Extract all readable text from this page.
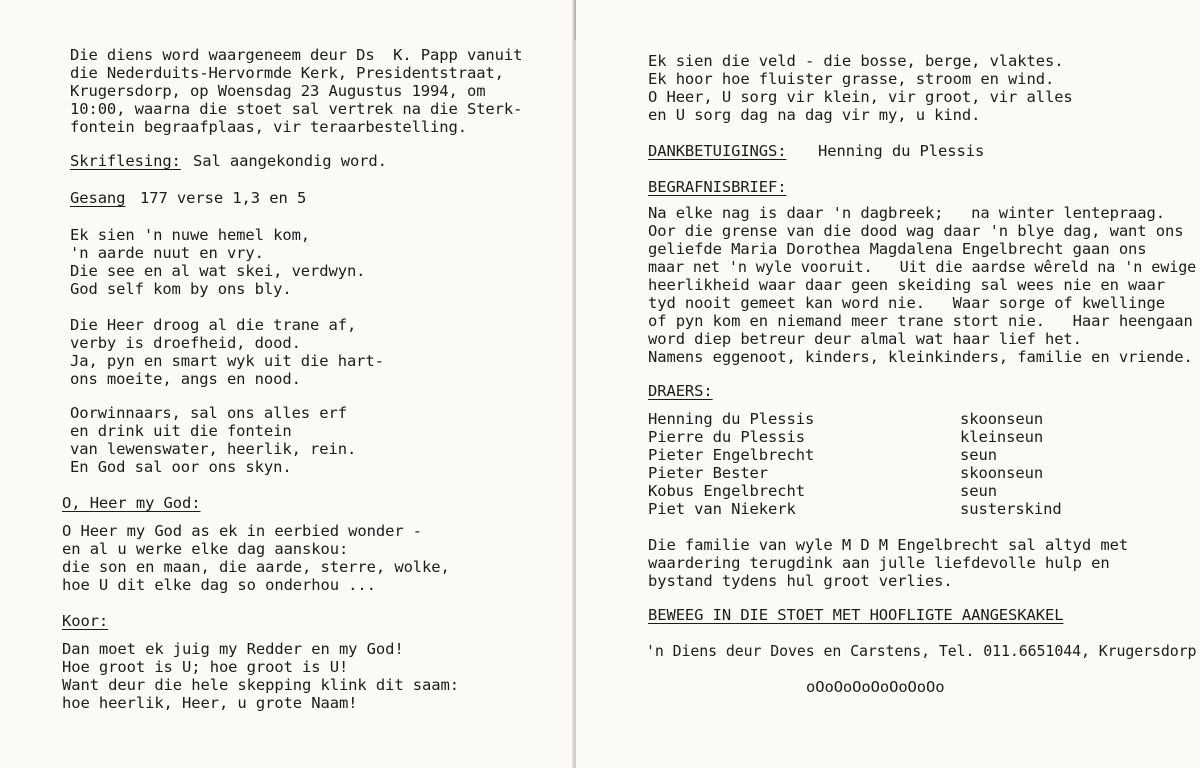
Die diens word waargeneem deur Ds  K. Papp vanuit

die Nederduits-Hervormde Kerk, Presidentstraat,

Krugersdorp, op Woensdag 23 Augustus 1994, om

10:00, waarna die stoet sal vertrek na die Sterk-

fontein begraafplaas, vir teraarbestelling.

Skriflesing: Sal aangekondig word.

Gesang 177 verse 1,3 en 5

Ek sien 'n nuwe hemel kom,

'n aarde nuut en vry.

Die see en al wat skei, verdwyn.

God self kom by ons bly.

Die Heer droog al die trane af,

verby is droefheid, dood.

Ja, pyn en smart wyk uit die hart-

ons moeite, angs en nood.

Oorwinnaars, sal ons alles erf

en drink uit die fontein

van lewenswater, heerlik, rein.

En God sal oor ons skyn.

O, Heer my God:

O Heer my God as ek in eerbied wonder -

en al u werke elke dag aanskou:

die son en maan, die aarde, sterre, wolke,

hoe U dit elke dag so onderhou ...

Koor:

Dan moet ek juig my Redder en my God!

Hoe groot is U; hoe groot is U!

Want deur die hele skepping klink dit saam:

hoe heerlik, Heer, u grote Naam!

Ek sien die veld - die bosse, berge, vlaktes.

Ek hoor hoe fluister grasse, stroom en wind.

O Heer, U sorg vir klein, vir groot, vir alles

en U sorg dag na dag vir my, u kind.

DANKBETUIGINGS: Henning du Plessis

BEGRAFNISBRIEF:

Na elke nag is daar 'n dagbreek;   na winter lentepraag.

Oor die grense van die dood wag daar 'n blye dag, want ons

geliefde Maria Dorothea Magdalena Engelbrecht gaan ons

maar net 'n wyle vooruit.   Uit die aardse wêreld na 'n ewige

heerlikheid waar daar geen skeiding sal wees nie en waar

tyd nooit gemeet kan word nie.   Waar sorge of kwellinge

of pyn kom en niemand meer trane stort nie.   Haar heengaan

word diep betreur deur almal wat haar lief het.

Namens eggenoot, kinders, kleinkinders, familie en vriende.

DRAERS:

Henning du Plessis	skoonseun

Pierre du Plessis	kleinseun

Pieter Engelbrecht	seun

Pieter Bester	skoonseun

Kobus Engelbrecht	seun

Piet van Niekerk	susterskind

Die familie van wyle M D M Engelbrecht sal altyd met

waardering terugdink aan julle liefdevolle hulp en

bystand tydens hul groot verlies.

BEWEEG IN DIE STOET MET HOOFLIGTE AANGESKAKEL

'n Diens deur Doves en Carstens, Tel. 011.6651044, Krugersdorp

oOoOoOoOoOoOoOo
